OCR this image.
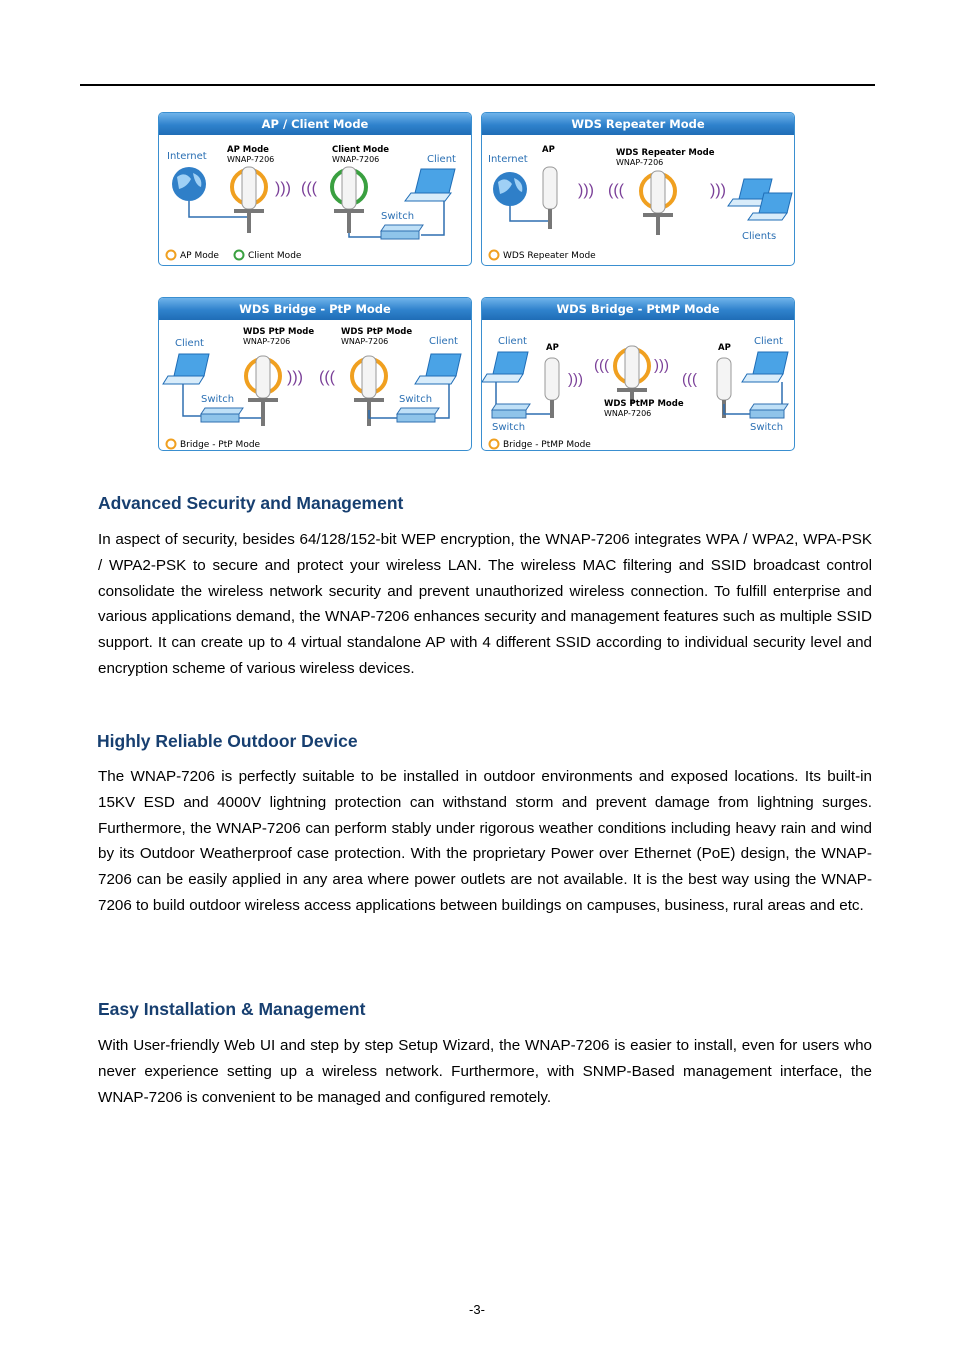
AP / Client Mode
Internet
AP Mode
WNAP-7206
Client Mode
WNAP-7206	Client
))) (((
Switch
AP Mode	Client Mode
WDS Repeater Mode
Internet
AP
))) (((
WDS Repeater Mode
WNAP-7206
)))
Clients
WDS Repeater Mode
WDS Bridge - PtP Mode
Client
Switch
WDS PtP Mode
WNAP-7206
))) (((
WDS PtP Mode
WNAP-7206
Switch
Client
Bridge - PtP Mode
WDS Bridge - PtMP Mode
Client
Switch
AP
)))
(((	)))
(((
WDS PtMP Mode
WNAP-7206
AP
Switch
Client
Bridge - PtMP Mode
Advanced Security and Management

In aspect of security, besides 64/128/152-bit WEP encryption, the WNAP-7206 integrates WPA / WPA2, WPA-PSK / WPA2-PSK to secure and protect your wireless LAN. The wireless MAC filtering and SSID broadcast control consolidate the wireless network security and prevent unauthorized wireless connection. To fulfill enterprise and various applications demand, the WNAP-7206 enhances security and management features such as multiple SSID support. It can create up to 4 virtual standalone AP with 4 different SSID according to individual security level and encryption scheme of various wireless devices.

Highly Reliable Outdoor Device

The WNAP-7206 is perfectly suitable to be installed in outdoor environments and exposed locations. Its built-in 15KV ESD and 4000V lightning protection can withstand storm and prevent damage from lightning surges. Furthermore, the WNAP-7206 can perform stably under rigorous weather conditions including heavy rain and wind by its Outdoor Weatherproof case protection. With the proprietary Power over Ethernet (PoE) design, the WNAP-7206 can be easily applied in any area where power outlets are not available. It is the best way using the WNAP-7206 to build outdoor wireless access applications between buildings on campuses, business, rural areas and etc.

Easy Installation & Management

With User-friendly Web UI and step by step Setup Wizard, the WNAP-7206 is easier to install, even for users who never experience setting up a wireless network. Furthermore, with SNMP-Based management interface, the WNAP-7206 is convenient to be managed and configured remotely.

-3-
